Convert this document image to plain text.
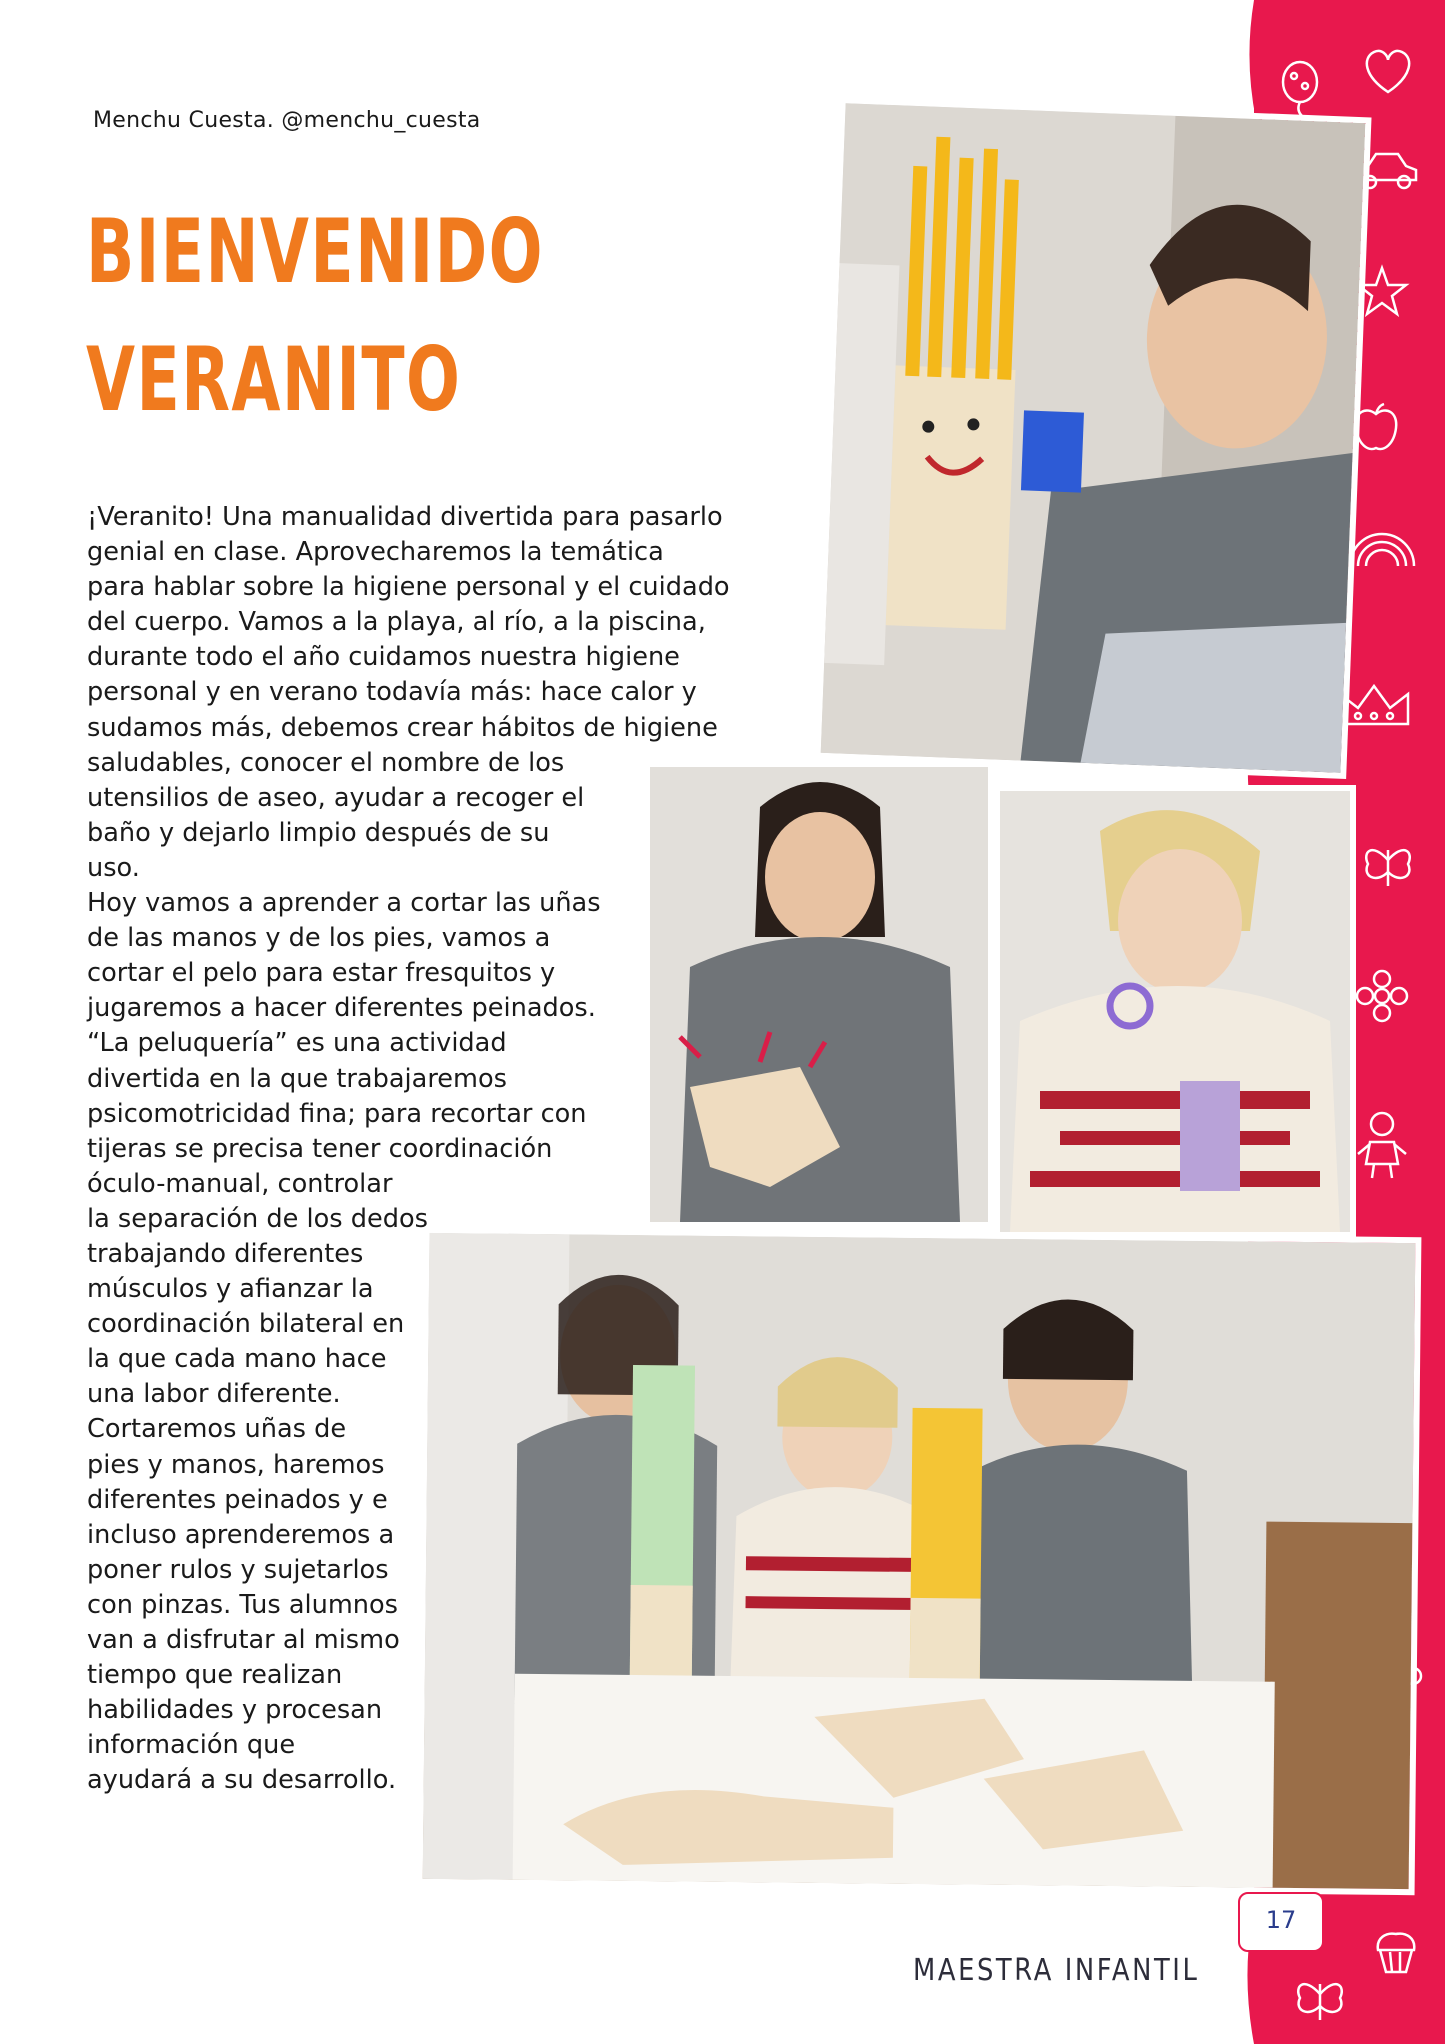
Menchu Cuesta. @menchu_cuesta
BIENVENIDO
VERANITO

¡Veranito! Una manualidad divertida para pasarlo

genial en clase. Aprovecharemos la temática

para hablar sobre la higiene personal y el cuidado

del cuerpo. Vamos a la playa, al río, a la piscina,

durante todo el año cuidamos nuestra higiene

personal y en verano todavía más: hace calor y

sudamos más, debemos crear hábitos de higiene

saludables, conocer el nombre de los

utensilios de aseo, ayudar a recoger el

baño y dejarlo limpio después de su

uso.

Hoy vamos a aprender a cortar las uñas

de las manos y de los pies, vamos a

cortar el pelo para estar fresquitos y

jugaremos a hacer diferentes peinados.

“La peluquería” es una actividad

divertida en la que trabajaremos

psicomotricidad fina; para recortar con

tijeras se precisa tener coordinación

óculo-manual, controlar

la separación de los dedos

trabajando diferentes

músculos y afianzar la

coordinación bilateral en

la que cada mano hace

una labor diferente.

Cortaremos uñas de

pies y manos, haremos

diferentes peinados y e

incluso aprenderemos a

poner rulos y sujetarlos

con pinzas. Tus alumnos

van a disfrutar al mismo

tiempo que realizan

habilidades y procesan

información que

ayudará a su desarrollo.

17
MAESTRA INFANTIL
